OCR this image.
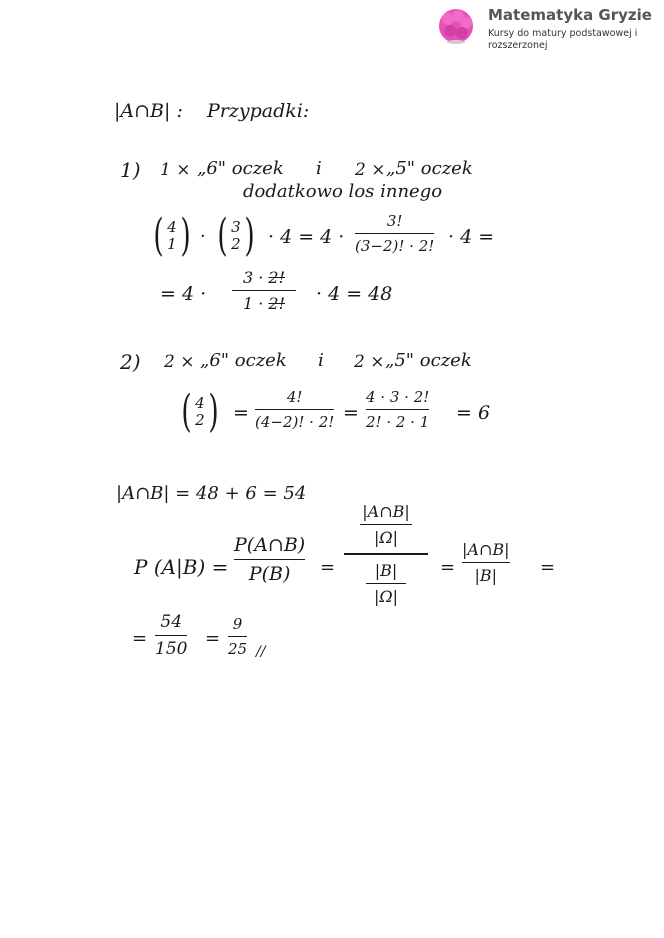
Matematyka Gryzie
Kursy do matury podstawowej i rozszerzonej
|A∩B| : Przypadki:
1) 1 × „6" oczek i 2 × „5" oczek
dodatkowo los innego
( 4
1 ) · ( 3
2 ) · 4 = 4 ·
3!
(3−2)! · 2! · 4 =
= 4 ·
3 · 2!
1 · 2! · 4 = 48
2) 2 × „6" oczek i 2 × „5" oczek
( 4
2 ) =
4!
(4−2)! · 2! =
4 · 3 · 2!
2! · 2 · 1 = 6
|A∩B| = 48 + 6 = 54
P (A|B) =
P(A∩B)
P(B) =
$\frac{|A\cap B|}{|\Omega|}$
$\frac{|B|}{|\Omega|}$ =
|A∩B|
|B| =
=
54
150
=
9
25 //
